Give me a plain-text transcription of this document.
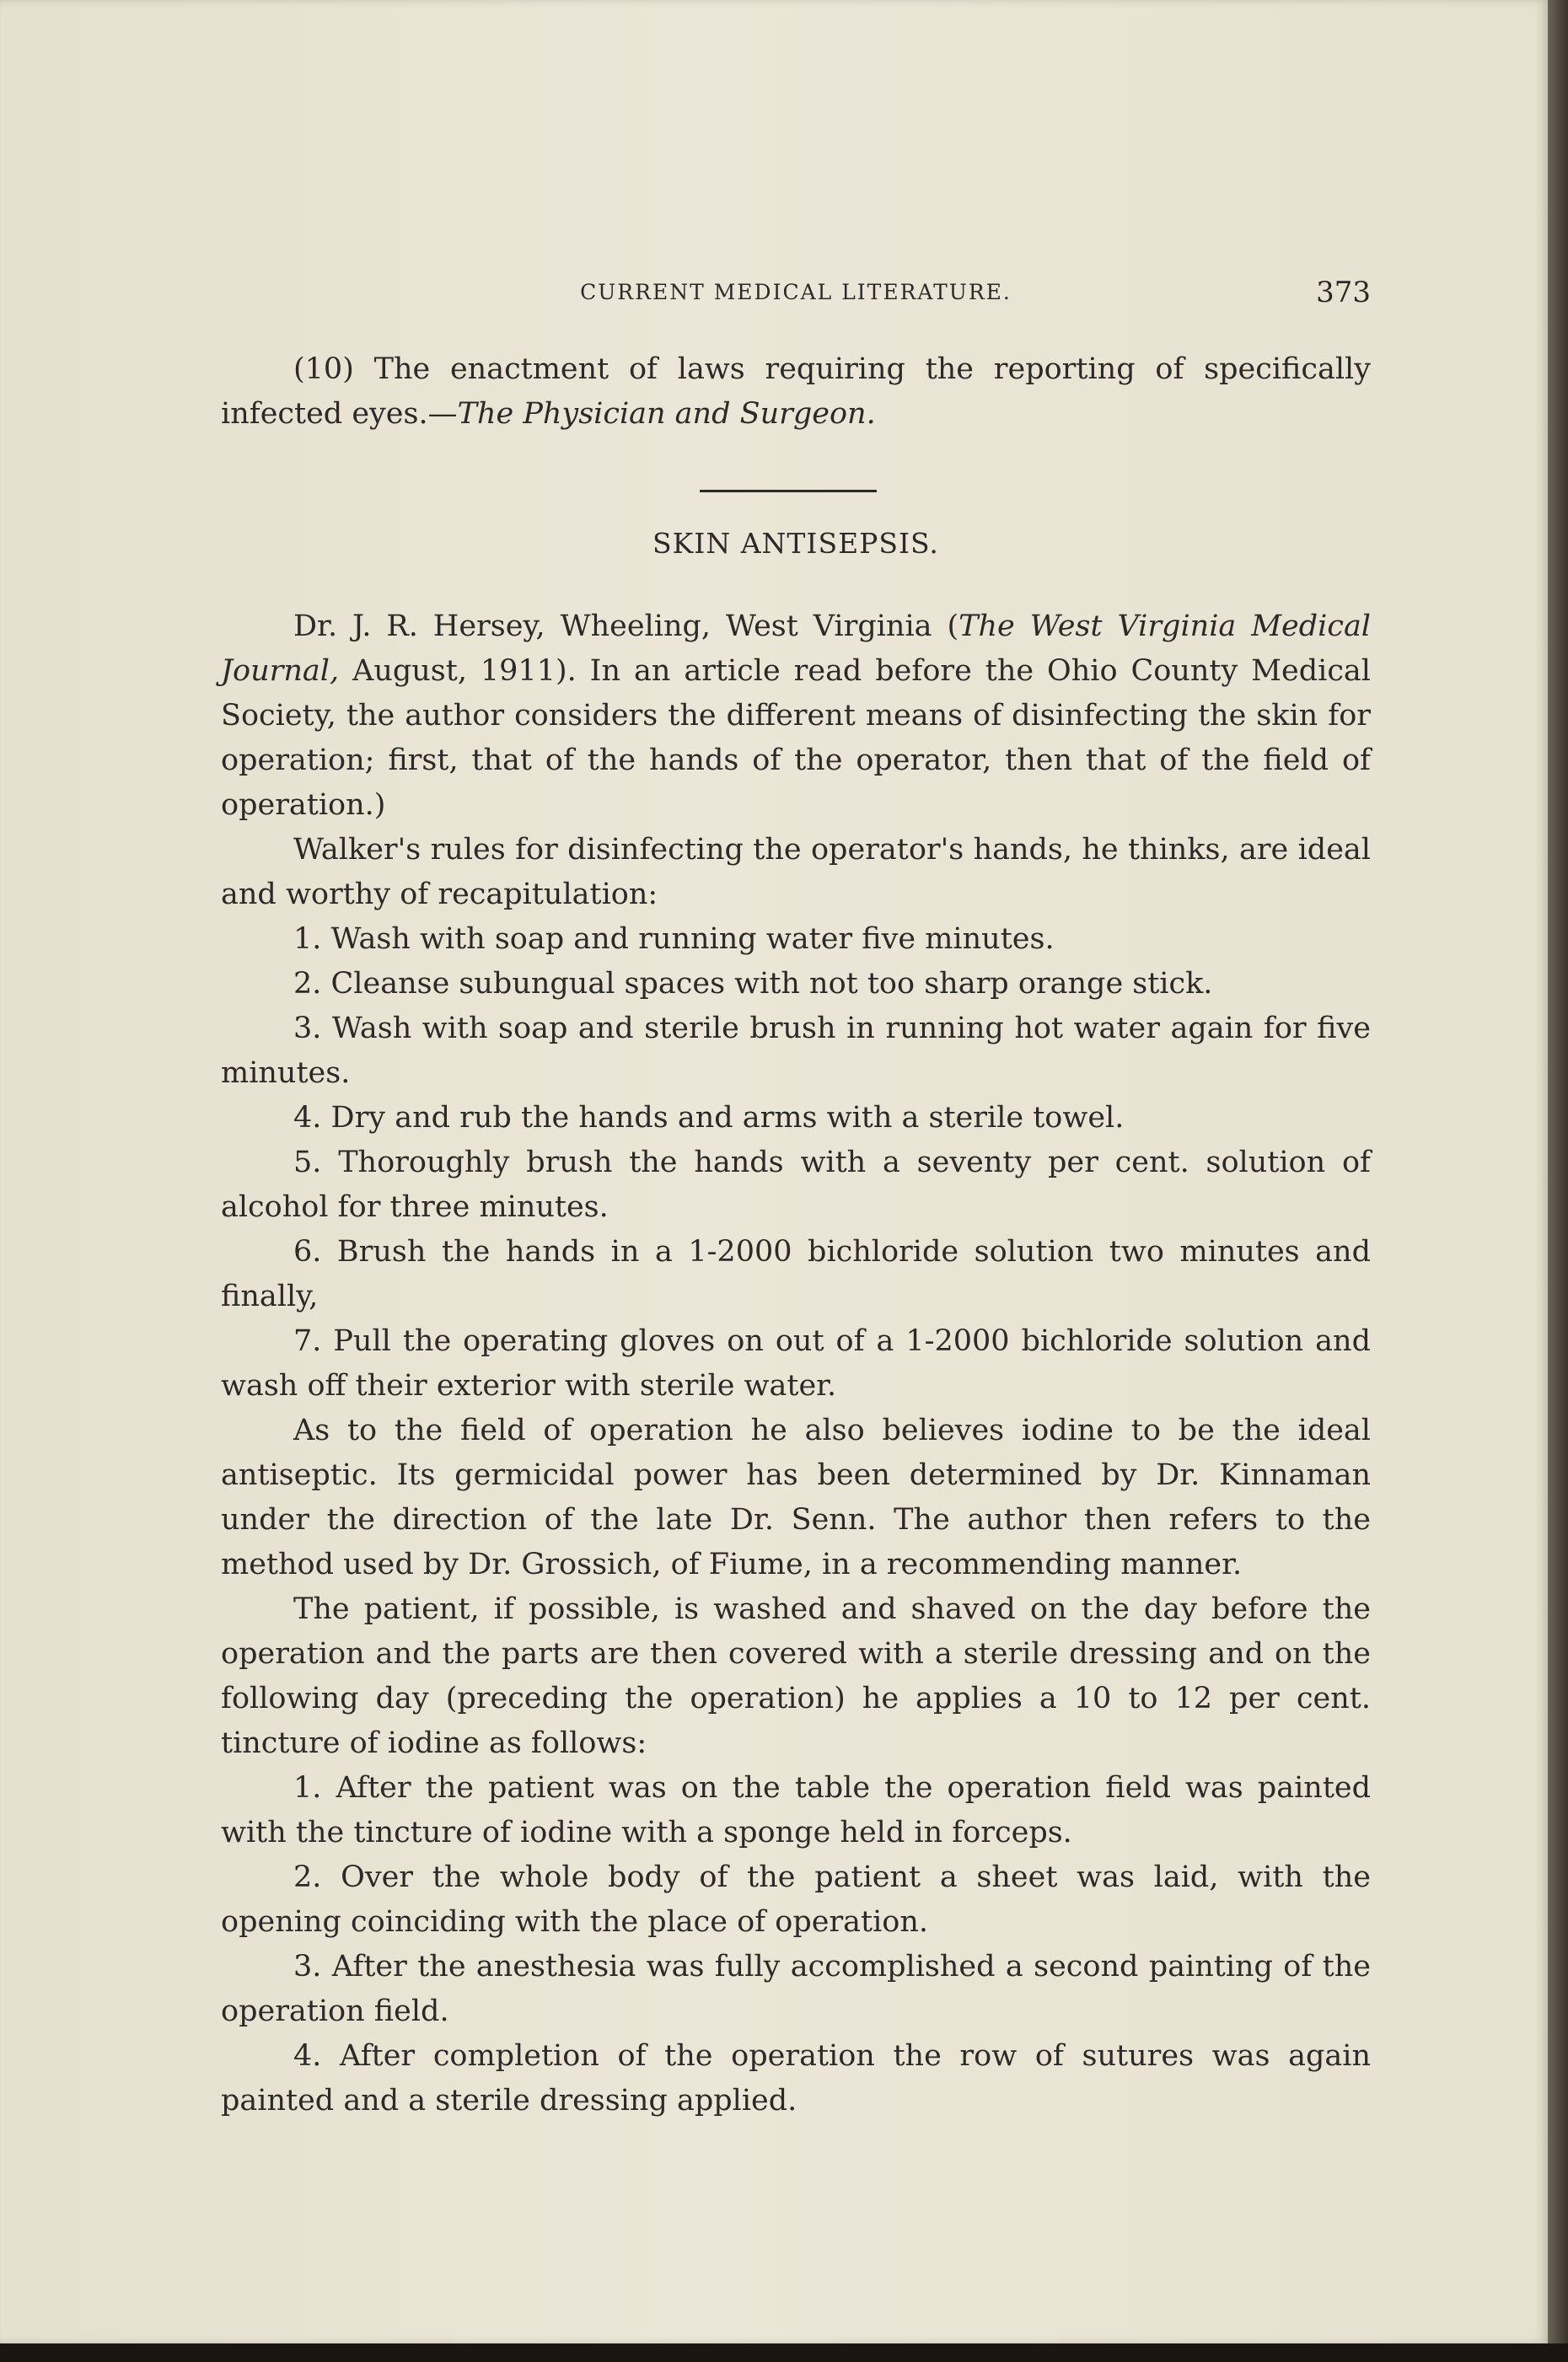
CURRENT MEDICAL LITERATURE.	373

(10) The enactment of laws requiring the reporting of specifically infected eyes.—The Physician and Surgeon.

SKIN ANTISEPSIS.

Dr. J. R. Hersey, Wheeling, West Virginia (The West Virginia Medical Journal, August, 1911). In an article read before the Ohio County Medical Society, the author considers the different means of disinfecting the skin for operation; first, that of the hands of the operator, then that of the field of operation.)

Walker's rules for disinfecting the operator's hands, he thinks, are ideal and worthy of recapitulation:

1. Wash with soap and running water five minutes.

2. Cleanse subungual spaces with not too sharp orange stick.

3. Wash with soap and sterile brush in running hot water again for five minutes.

4. Dry and rub the hands and arms with a sterile towel.

5. Thoroughly brush the hands with a seventy per cent. solution of alcohol for three minutes.

6. Brush the hands in a 1-2000 bichloride solution two minutes and finally,

7. Pull the operating gloves on out of a 1-2000 bichloride solution and wash off their exterior with sterile water.

As to the field of operation he also believes iodine to be the ideal antiseptic. Its germicidal power has been determined by Dr. Kinnaman under the direction of the late Dr. Senn. The author then refers to the method used by Dr. Grossich, of Fiume, in a recommending manner.

The patient, if possible, is washed and shaved on the day before the operation and the parts are then covered with a sterile dressing and on the following day (preceding the operation) he applies a 10 to 12 per cent. tincture of iodine as follows:

1. After the patient was on the table the operation field was painted with the tincture of iodine with a sponge held in forceps.

2. Over the whole body of the patient a sheet was laid, with the opening coinciding with the place of operation.

3. After the anesthesia was fully accomplished a second painting of the operation field.

4. After completion of the operation the row of sutures was again painted and a sterile dressing applied.
